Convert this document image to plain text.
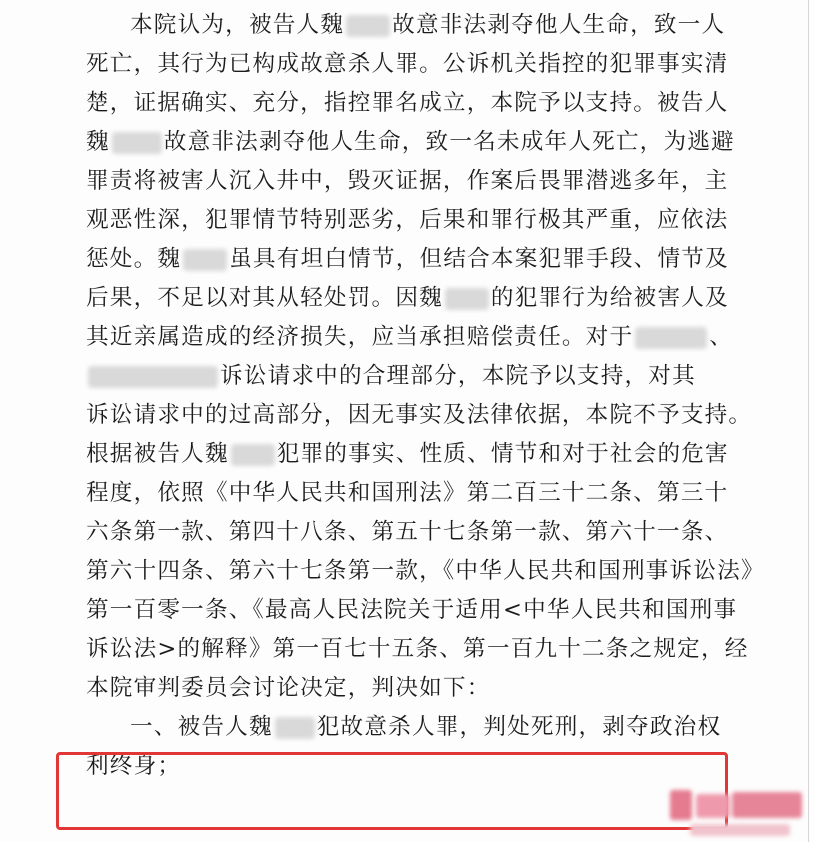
本院认为，被告人魏 故意非法剥夺他人生命，致一人
死亡，其行为已构成故意杀人罪。公诉机关指控的犯罪事实清
楚，证据确实、充分，指控罪名成立，本院予以支持。被告人
魏 故意非法剥夺他人生命，致一名未成年人死亡，为逃避
罪责将被害人沉入井中，毁灭证据，作案后畏罪潜逃多年，主
观恶性深，犯罪情节特别恶劣，后果和罪行极其严重，应依法
惩处。魏 虽具有坦白情节，但结合本案犯罪手段、情节及
后果，不足以对其从轻处罚。因魏 的犯罪行为给被害人及
其近亲属造成的经济损失，应当承担赔偿责任。对于	、
诉讼请求中的合理部分，本院予以支持，对其
诉讼请求中的过高部分，因无事实及法律依据，本院不予支持。
根据被告人魏 犯罪的事实、性质、情节和对于社会的危害
程度，依照《中华人民共和国刑法》第二百三十二条、第三十
六条第一款、第四十八条、第五十七条第一款、第六十一条、
第六十四条、第六十七条第一款，《中华人民共和国刑事诉讼法》
第一百零一条、《最高人民法院关于适用<中华人民共和国刑事
诉讼法>的解释》第一百七十五条、第一百九十二条之规定，经
本院审判委员会讨论决定，判决如下：
一、被告人魏 犯故意杀人罪，判处死刑，剥夺政治权
利终身；
